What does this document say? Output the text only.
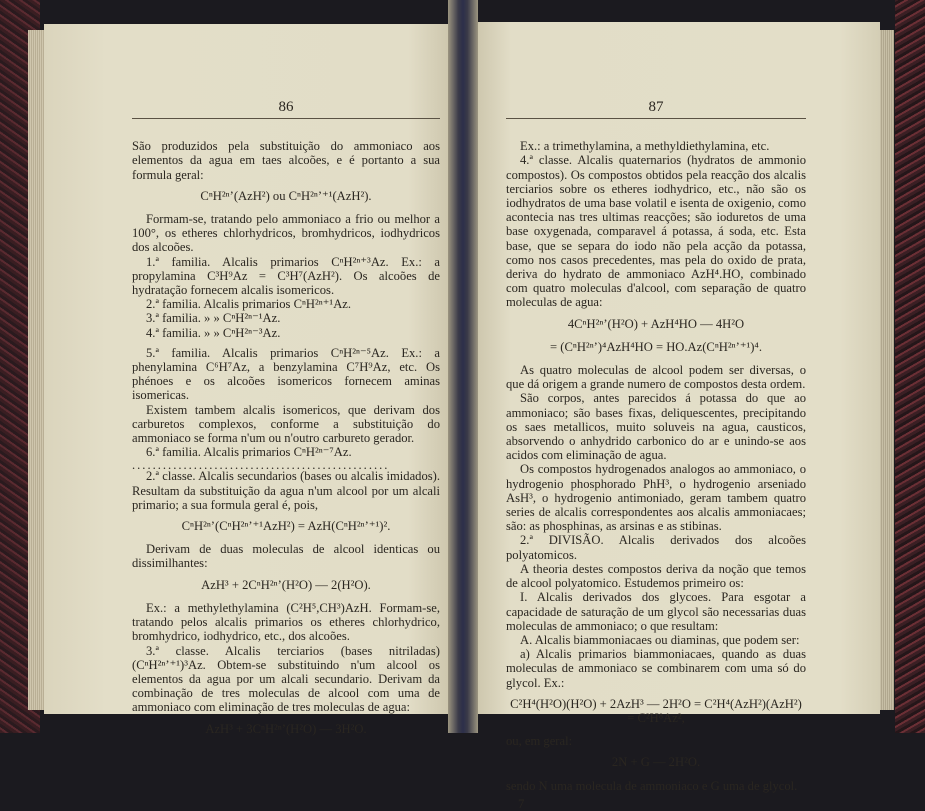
86
São produzidos pela substituição do ammoniaco aos elementos da agua em taes alcoões, e é portanto a sua formula geral:
CⁿH²ⁿ’(AzH²) ou CⁿH²ⁿ’⁺¹(AzH²).
Formam-se, tratando pelo ammoniaco a frio ou melhor a 100°, os etheres chlorhydricos, bromhydricos, iodhydricos dos alcoões.
1.ª familia. Alcalis primarios CⁿH²ⁿ⁺³Az. Ex.: a propylamina C³H⁹Az = C³H⁷(AzH²). Os alcoões de hydratação fornecem alcalis isomericos.
2.ª familia. Alcalis primarios CⁿH²ⁿ⁺¹Az.
3.ª familia. » » CⁿH²ⁿ⁻¹Az.
4.ª familia. » » CⁿH²ⁿ⁻³Az.
5.ª familia. Alcalis primarios CⁿH²ⁿ⁻⁵Az. Ex.: a phenylamina C⁶H⁷Az, a benzylamina C⁷H⁹Az, etc. Os phénoes e os alcoões isomericos fornecem aminas isomericas.
Existem tambem alcalis isomericos, que derivam dos carburetos complexos, conforme a substituição do ammoniaco se forma n'um ou n'outro carbureto gerador.
6.ª familia. Alcalis primarios CⁿH²ⁿ⁻⁷Az.
..................................................
2.ª classe. Alcalis secundarios (bases ou alcalis imidados). Resultam da substituição da agua n'um alcool por um alcali primario; a sua formula geral é, pois,
CⁿH²ⁿ’(CⁿH²ⁿ’⁺¹AzH²) = AzH(CⁿH²ⁿ’⁺¹)².
Derivam de duas moleculas de alcool identicas ou dissimilhantes:
AzH³ + 2CⁿH²ⁿ’(H²O) — 2(H²O).
Ex.: a methylethylamina (C²H⁵,CH³)AzH. Formam-se, tratando pelos alcalis primarios os etheres chlorhydrico, bromhydrico, iodhydrico, etc., dos alcoões.
3.ª classe. Alcalis terciarios (bases nitriladas) (CⁿH²ⁿ’⁺¹)³Az. Obtem-se substituindo n'um alcool os elementos da agua por um alcali secundario. Derivam da combinação de tres moleculas de alcool com uma de ammoniaco com eliminação de tres moleculas de agua:
AzH³ + 3CⁿH²ⁿ’(H²O) — 3H²O.
87
Ex.: a trimethylamina, a methyldiethylamina, etc.
4.ª classe. Alcalis quaternarios (hydratos de ammonio compostos). Os compostos obtidos pela reacção dos alcalis terciarios sobre os etheres iodhydrico, etc., não são os iodhydratos de uma base volatil e isenta de oxigenio, como acontecia nas tres ultimas reacções; são ioduretos de uma base oxygenada, comparavel á potassa, á soda, etc. Esta base, que se separa do iodo não pela acção da potassa, como nos casos precedentes, mas pela do oxido de prata, deriva do hydrato de ammoniaco AzH⁴.HO, combinado com quatro moleculas d'alcool, com separação de quatro moleculas de agua:
4CⁿH²ⁿ’(H²O) + AzH⁴HO — 4H²O
= (CⁿH²ⁿ’)⁴AzH⁴HO = HO.Az(CⁿH²ⁿ’⁺¹)⁴.
As quatro moleculas de alcool podem ser diversas, o que dá origem a grande numero de compostos desta ordem.
São corpos, antes parecidos á potassa do que ao ammoniaco; são bases fixas, deliquescentes, precipitando os saes metallicos, muito soluveis na agua, causticos, absorvendo o anhydrido carbonico do ar e unindo-se aos acidos com eliminação de agua.
Os compostos hydrogenados analogos ao ammoniaco, o hydrogenio phosphorado PhH³, o hydrogenio arseniado AsH³, o hydrogenio antimoniado, geram tambem quatro series de alcalis correspondentes aos alcalis ammoniacaes; são: as phosphinas, as arsinas e as stibinas.
2.ª DIVISÃO. Alcalis derivados dos alcoões polyatomicos.
A theoria destes compostos deriva da noção que temos de alcool polyatomico. Estudemos primeiro os:
I. Alcalis derivados dos glycoes. Para esgotar a capacidade de saturação de um glycol são necessarias duas moleculas de ammoniaco; o que resultam:
A. Alcalis biammoniacaes ou diaminas, que podem ser:
a) Alcalis primarios biammoniacaes, quando as duas moleculas de ammoniaco se combinarem com uma só do glycol. Ex.:
C²H⁴(H²O)(H²O) + 2AzH³ — 2H²O = C²H⁴(AzH²)(AzH²) = C²H⁸Az²,
ou, em geral:
2N + G — 2H²O.
sendo N uma molecula de ammoniaco e G uma de glycol.
7
